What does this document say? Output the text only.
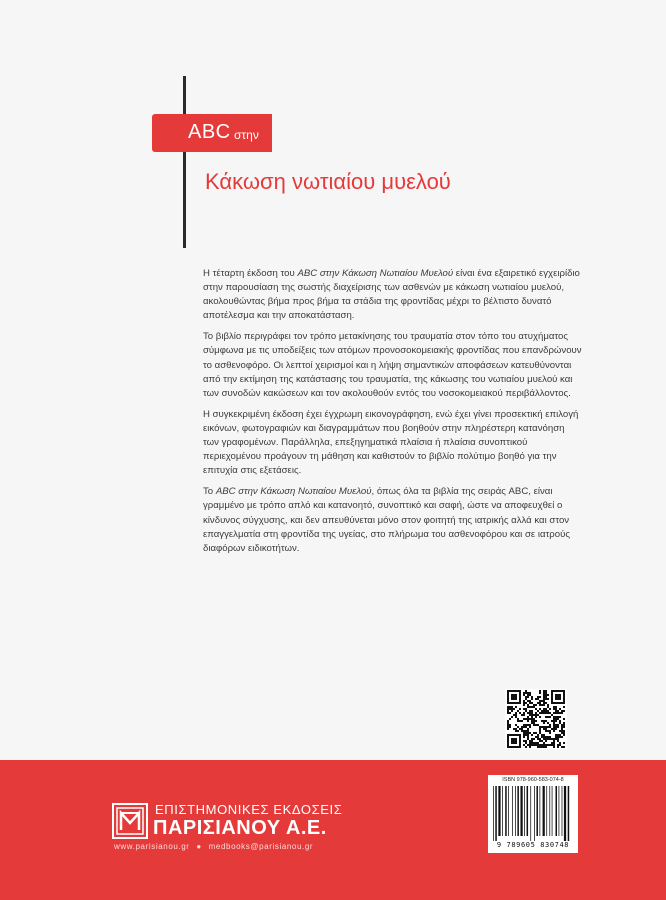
ABC στην
Κάκωση νωτιαίου μυελού

Η τέταρτη έκδοση του ABC στην Κάκωση Νωτιαίου Μυελού είναι ένα εξαιρετικό εγχειρίδιο στην παρουσίαση της σωστής διαχείρισης των ασθενών με κάκωση νωτιαίου μυελού, ακολουθώντας βήμα προς βήμα τα στάδια της φροντίδας μέχρι το βέλτιστο δυνατό αποτέλεσμα και την αποκατάσταση.

Το βιβλίο περιγράφει τον τρόπο μετακίνησης του τραυματία στον τόπο του ατυχήματος σύμφωνα με τις υποδείξεις των ατόμων προνοσοκομειακής φροντίδας που επανδρώνουν το ασθενοφόρο. Οι λεπτοί χειρισμοί και η λήψη σημαντικών αποφάσεων κατευθύνονται από την εκτίμηση της κατάστασης του τραυματία, της κάκωσης του νωτιαίου μυελού και των συνοδών κακώσεων και τον ακολουθούν εντός του νοσοκομειακού περιβάλλοντος.

Η συγκεκριμένη έκδοση έχει έγχρωμη εικονογράφηση, ενώ έχει γίνει προσεκτική επιλογή εικόνων, φωτογραφιών και διαγραμμάτων που βοηθούν στην πληρέστερη κατανόηση των γραφομένων. Παράλληλα, επεξηγηματικά πλαίσια ή πλαίσια συνοπτικού περιεχομένου προάγουν τη μάθηση και καθιστούν το βιβλίο πολύτιμο βοηθό για την επιτυχία στις εξετάσεις.

Το ABC στην Κάκωση Νωτιαίου Μυελού, όπως όλα τα βιβλία της σειράς ABC, είναι γραμμένο με τρόπο απλό και κατανοητό, συνοπτικό και σαφή, ώστε να αποφευχθεί ο κίνδυνος σύγχυσης, και δεν απευθύνεται μόνο στον φοιτητή της ιατρικής αλλά και στον επαγγελματία στη φροντίδα της υγείας, στο πλήρωμα του ασθενοφόρου και σε ιατρούς διαφόρων ειδικοτήτων.

ΕΠΙΣΤΗΜΟΝΙΚΕΣ ΕΚΔΟΣΕΙΣ
ΠΑΡΙΣΙΑΝΟΥ Α.Ε.
www.parisianou.gr ● medbooks@parisianou.gr
ISBN 978-960-583-074-8
9 789605 830748
